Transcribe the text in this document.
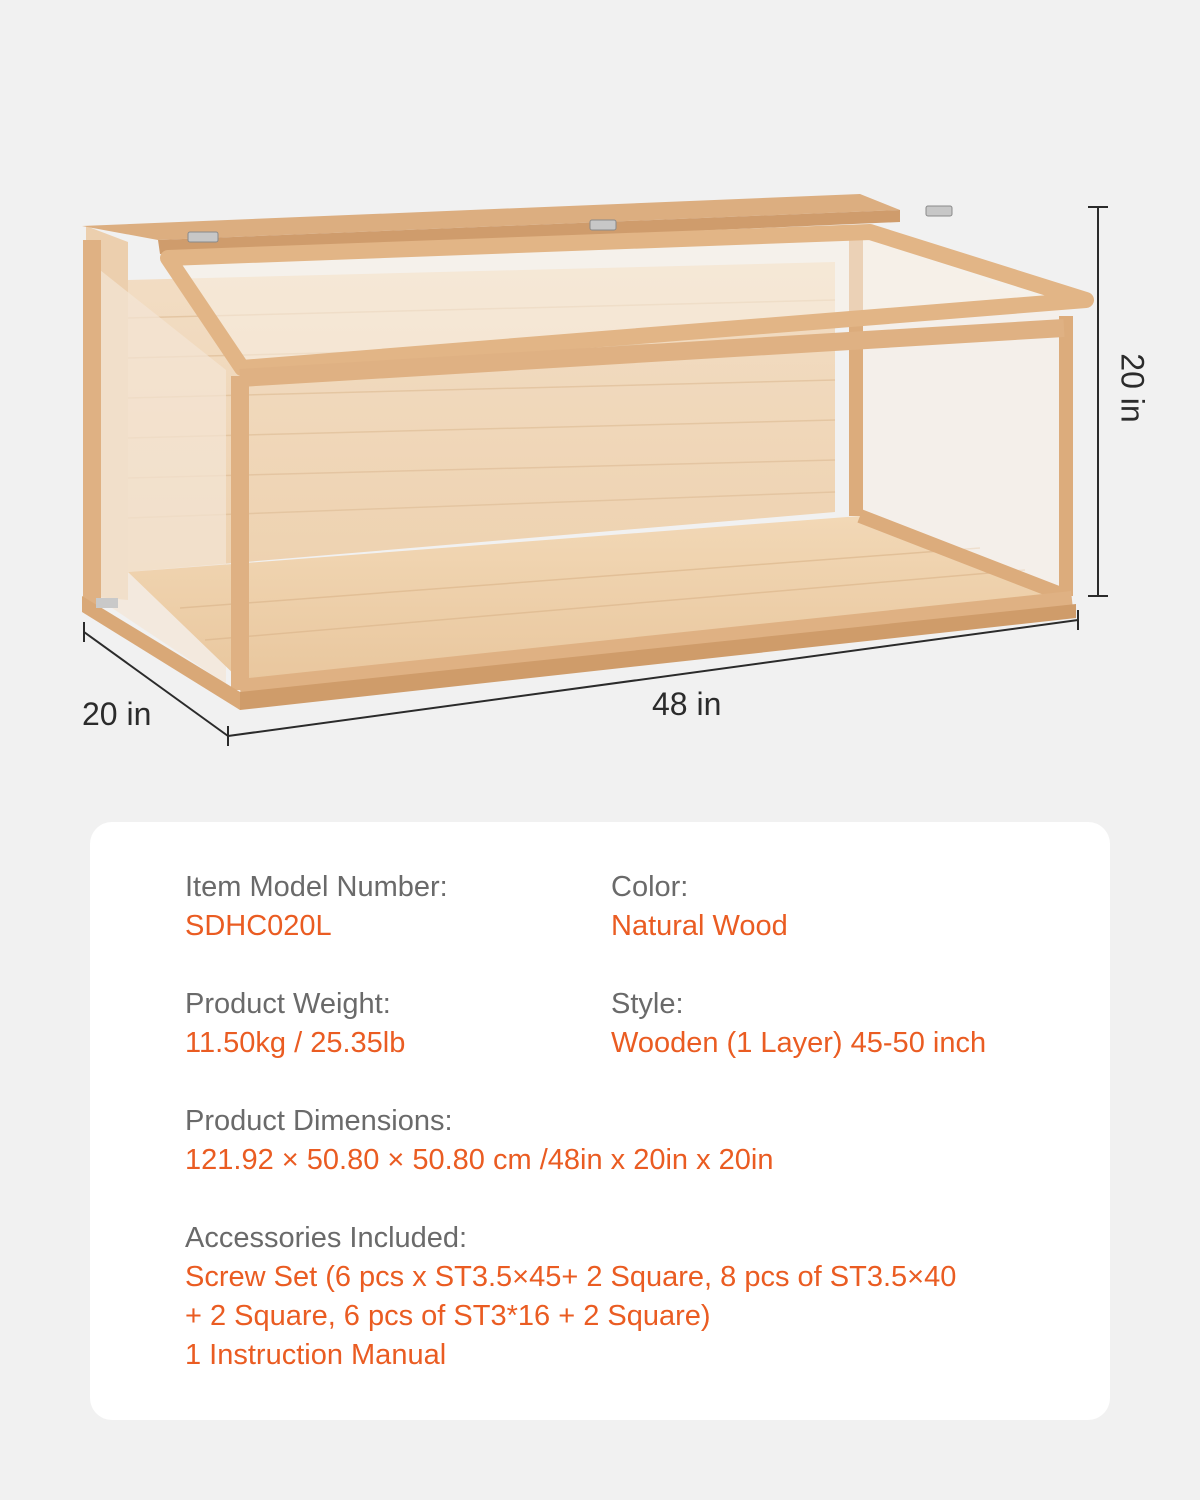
48 in
20 in
20 in
Item Model Number:
SDHC020L
Color:
Natural Wood
Product Weight:
11.50kg / 25.35lb
Style:
Wooden (1 Layer) 45-50 inch
Product Dimensions:
121.92 × 50.80 × 50.80 cm /48in x 20in x 20in
Accessories Included:
Screw Set (6 pcs x ST3.5×45+ 2 Square, 8 pcs of ST3.5×40
+ 2 Square, 6 pcs of ST3*16 + 2 Square)
1 Instruction Manual
